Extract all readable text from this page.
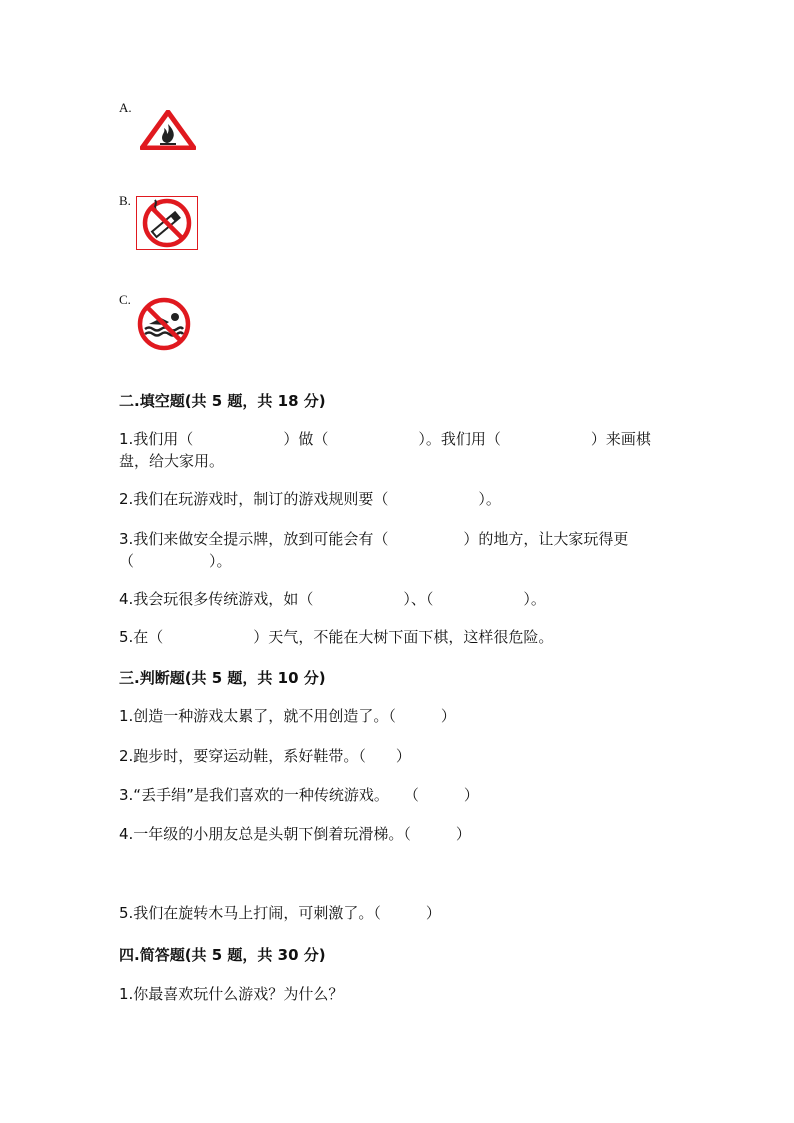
A.
B.
C.
二.填空题(共 5 题，共 18 分)
1.我们用（　　　　　　）做（　　　　　　）。我们用（　　　　　　）来画棋
盘，给大家用。
2.我们在玩游戏时，制订的游戏规则要（　　　　　　）。
3.我们来做安全提示牌，放到可能会有（　　　　　）的地方，让大家玩得更
（　　　　　）。
4.我会玩很多传统游戏，如（　　　　　　）、（　　　　　　）。
5.在（　　　　　　）天气，不能在大树下面下棋，这样很危险。
三.判断题(共 5 题，共 10 分)
1.创造一种游戏太累了，就不用创造了。（　　　）
2.跑步时，要穿运动鞋，系好鞋带。（　　）
3.“丢手绢”是我们喜欢的一种传统游戏。　　（　　　）
4.一年级的小朋友总是头朝下倒着玩滑梯。（　　　）
5.我们在旋转木马上打闹，可刺激了。（　　　）
四.简答题(共 5 题，共 30 分)
1.你最喜欢玩什么游戏？为什么？
